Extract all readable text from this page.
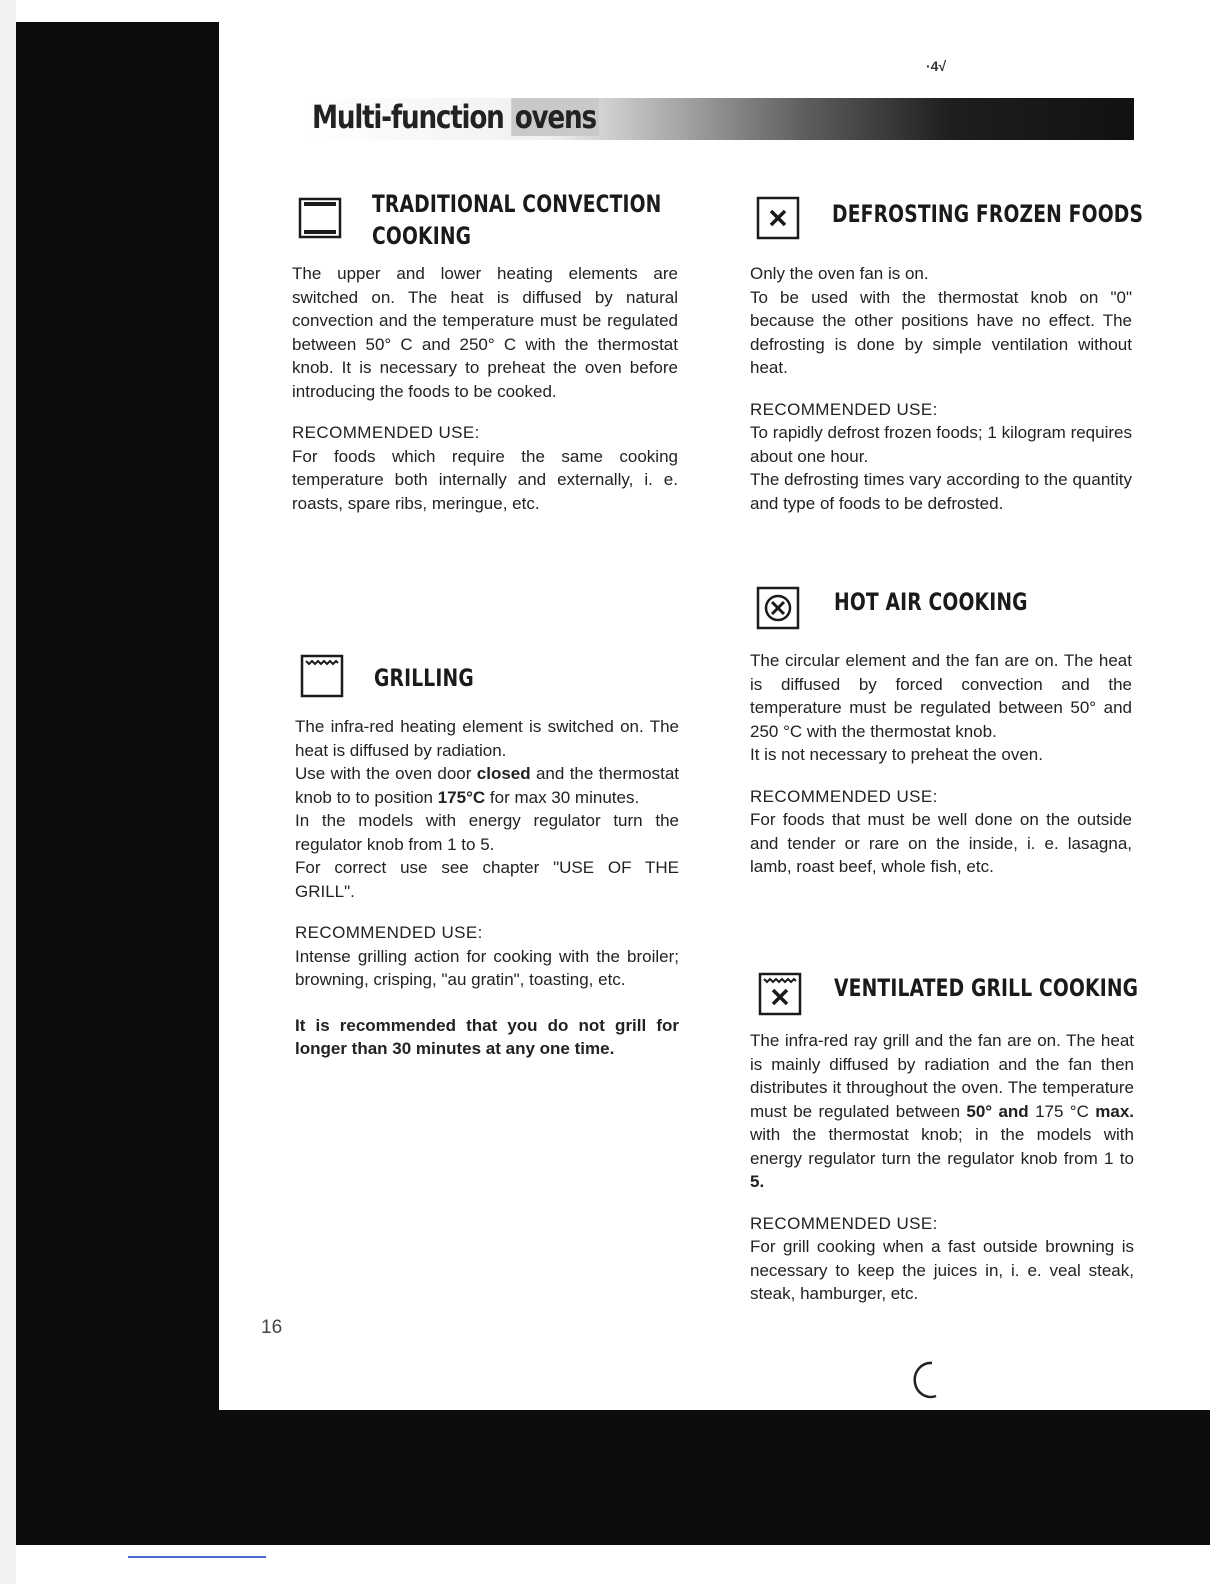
·4√
Multi-function ovens
TRADITIONAL CONVECTION
COOKING

The upper and lower heating elements are switched on. The heat is diffused by natural convection and the temperature must be regulated between 50° C and 250° C with the thermostat knob. It is necessary to preheat the oven before introducing the foods to be cooked.

RECOMMENDED USE:

For foods which require the same cooking temperature both internally and externally, i. e. roasts, spare ribs, meringue, etc.

GRILLING

The infra-red heating element is switched on. The heat is diffused by radiation.

Use with the oven door closed and the thermostat knob to to position 175°C for max 30 minutes.

In the models with energy regulator turn the regulator knob from 1 to 5.

For correct use see chapter "USE OF THE GRILL".

RECOMMENDED USE:

Intense grilling action for cooking with the broiler; browning, crisping, "au gratin", toasting, etc.

It is recommended that you do not grill for longer than 30 minutes at any one time.

DEFROSTING FROZEN FOODS

Only the oven fan is on.

To be used with the thermostat knob on "0" because the other positions have no effect. The defrosting is done by simple ventilation without heat.

RECOMMENDED USE:

To rapidly defrost frozen foods; 1 kilogram requires about one hour.

The defrosting times vary according to the quantity and type of foods to be defrosted.

HOT AIR COOKING

The circular element and the fan are on. The heat is diffused by forced convection and the temperature must be regulated between 50° and 250 °C with the thermostat knob.

It is not necessary to preheat the oven.

RECOMMENDED USE:

For foods that must be well done on the outside and tender or rare on the inside, i. e. lasagna, lamb, roast beef, whole fish, etc.

VENTILATED GRILL COOKING

The infra-red ray grill and the fan are on. The heat is mainly diffused by radiation and the fan then distributes it throughout the oven. The temperature must be regulated between 50° and 175 °C max. with the thermostat knob; in the models with energy regulator turn the regulator knob from 1 to 5.

RECOMMENDED USE:

For grill cooking when a fast outside browning is necessary to keep the juices in, i. e. veal steak, steak, hamburger, etc.

16
